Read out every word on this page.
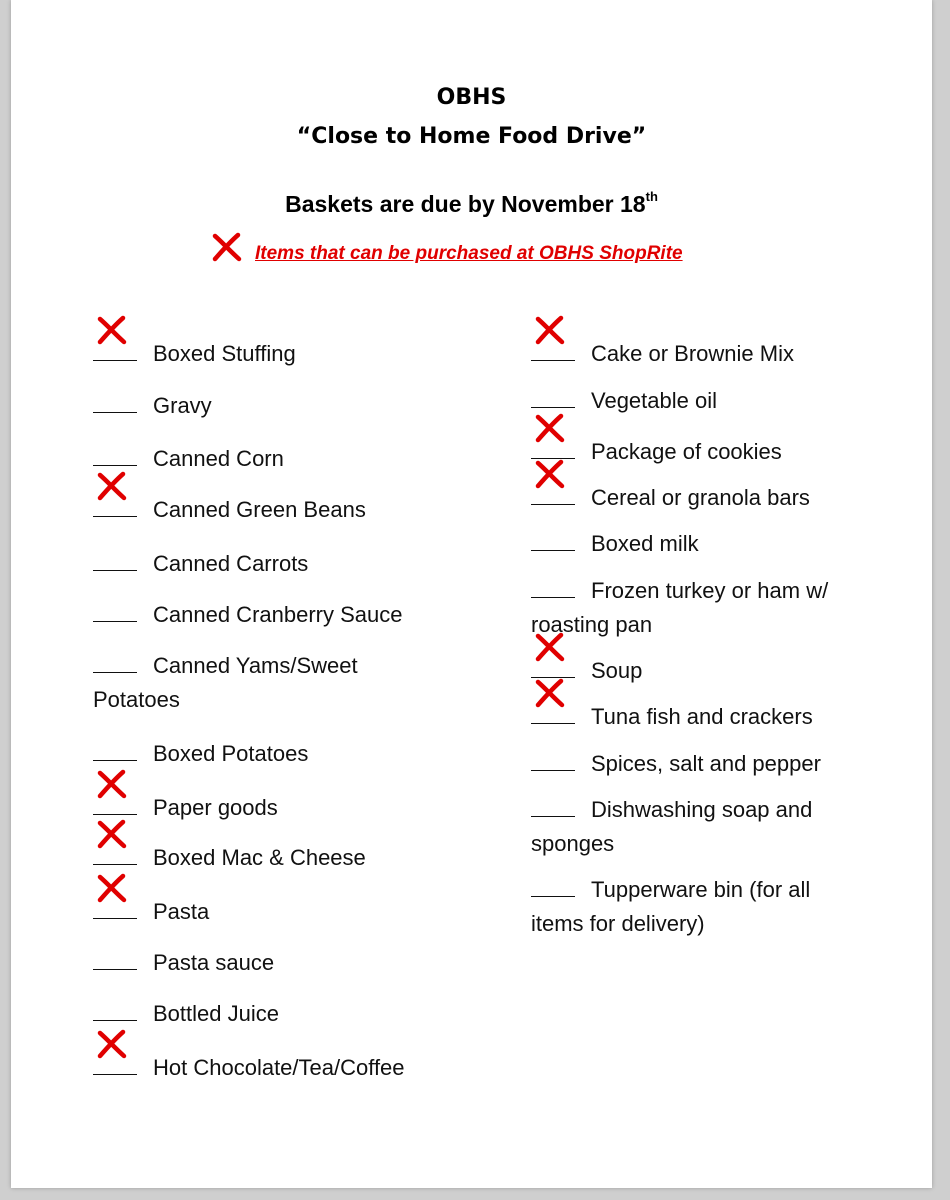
OBHS
“Close to Home Food Drive”
Baskets are due by November 18th
Items that can be purchased at OBHS ShopRite
Boxed Stuffing
Gravy
Canned Corn
Canned Green Beans
Canned Carrots
Canned Cranberry Sauce
Canned Yams/Sweet
Potatoes
Boxed Potatoes
Paper goods
Boxed Mac & Cheese
Pasta
Pasta sauce
Bottled Juice
Hot Chocolate/Tea/Coffee
Cake or Brownie Mix
Vegetable oil
Package of cookies
Cereal or granola bars
Boxed milk
Frozen turkey or ham w/
roasting pan
Soup
Tuna fish and crackers
Spices, salt and pepper
Dishwashing soap and
sponges
Tupperware bin (for all
items for delivery)
